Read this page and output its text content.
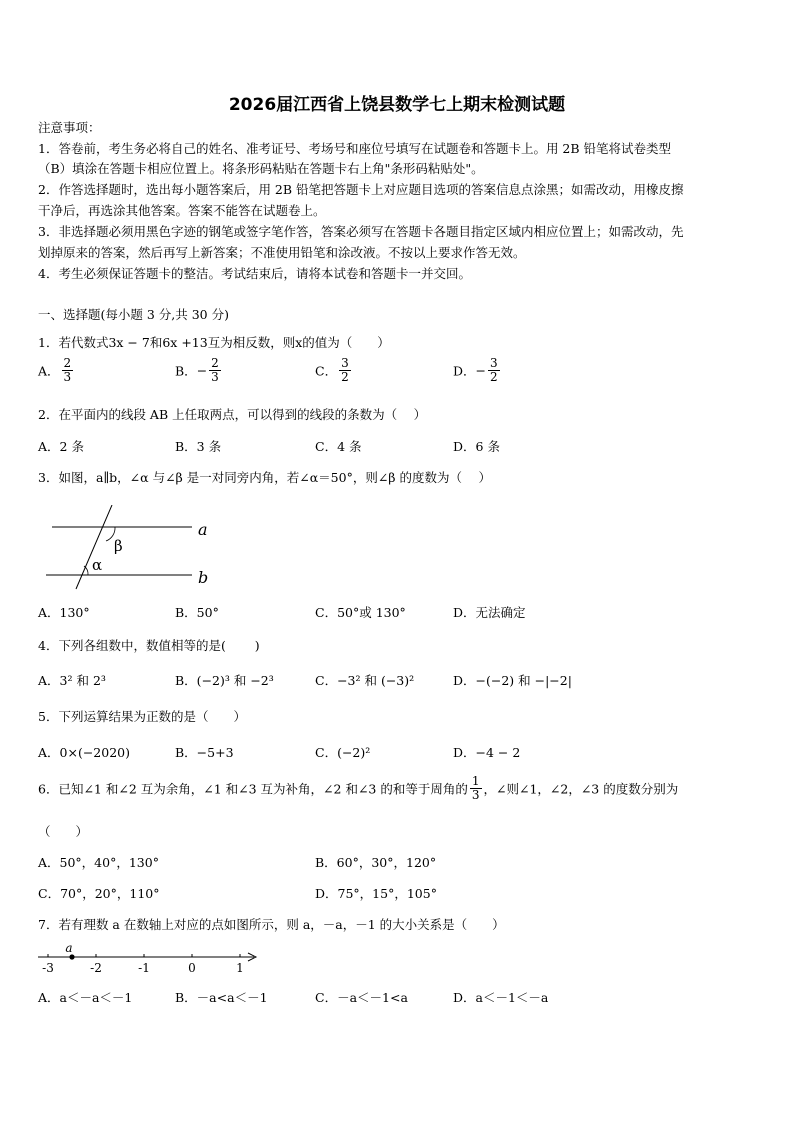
2026届江西省上饶县数学七上期末检测试题
注意事项：
1．答卷前，考生务必将自己的姓名、准考证号、考场号和座位号填写在试题卷和答题卡上。用 2B 铅笔将试卷类型
（B）填涂在答题卡相应位置上。将条形码粘贴在答题卡右上角"条形码粘贴处"。
2．作答选择题时，选出每小题答案后，用 2B 铅笔把答题卡上对应题目选项的答案信息点涂黑；如需改动，用橡皮擦
干净后，再选涂其他答案。答案不能答在试题卷上。
3．非选择题必须用黑色字迹的钢笔或签字笔作答，答案必须写在答题卡各题目指定区域内相应位置上；如需改动，先
划掉原来的答案，然后再写上新答案；不准使用铅笔和涂改液。不按以上要求作答无效。
4．考生必须保证答题卡的整洁。考试结束后，请将本试卷和答题卡一并交回。
一、选择题(每小题 3 分,共 30 分)
1．若代数式3x − 7和6x +13互为相反数，则x的值为（　　）
A． $\frac{2}{3}$	B．− $\frac{2}{3}$	C． $\frac{3}{2}$	D．− $\frac{3}{2}$
2．在平面内的线段 AB 上任取两点，可以得到的线段的条数为（　 ）
A．2 条	B．3 条	C．4 条	D．6 条
3．如图，a∥b，∠α 与∠β 是一对同旁内角，若∠α＝50°，则∠β 的度数为（　 ）
a
b
β
α
A．130°	B．50°	C．50°或 130°	D．无法确定
4．下列各组数中，数值相等的是(　　 )
A．3² 和 2³	B．(−2)³ 和 −2³	C．−3² 和 (−3)²	D．−(−2) 和 −|−2|
5．下列运算结果为正数的是（　　）
A．0×(−2020)	B．−5+3	C．(−2)²	D．−4 − 2
6．已知∠1 和∠2 互为余角，∠1 和∠3 互为补角，∠2 和∠3 的和等于周角的 $\frac{1}{3}$ ，∠则∠1，∠2，∠3 的度数分别为
（　　）
A．50°，40°，130°	B．60°，30°，120°
C．70°，20°，110°	D．75°，15°，105°
7．若有理数 a 在数轴上对应的点如图所示，则 a，－a，－1 的大小关系是（　　）
-3	-2	-1	0	1
a
A．a＜－a＜－1	B．－a<a＜－1	C．－a＜－1<a	D．a＜－1＜－a
